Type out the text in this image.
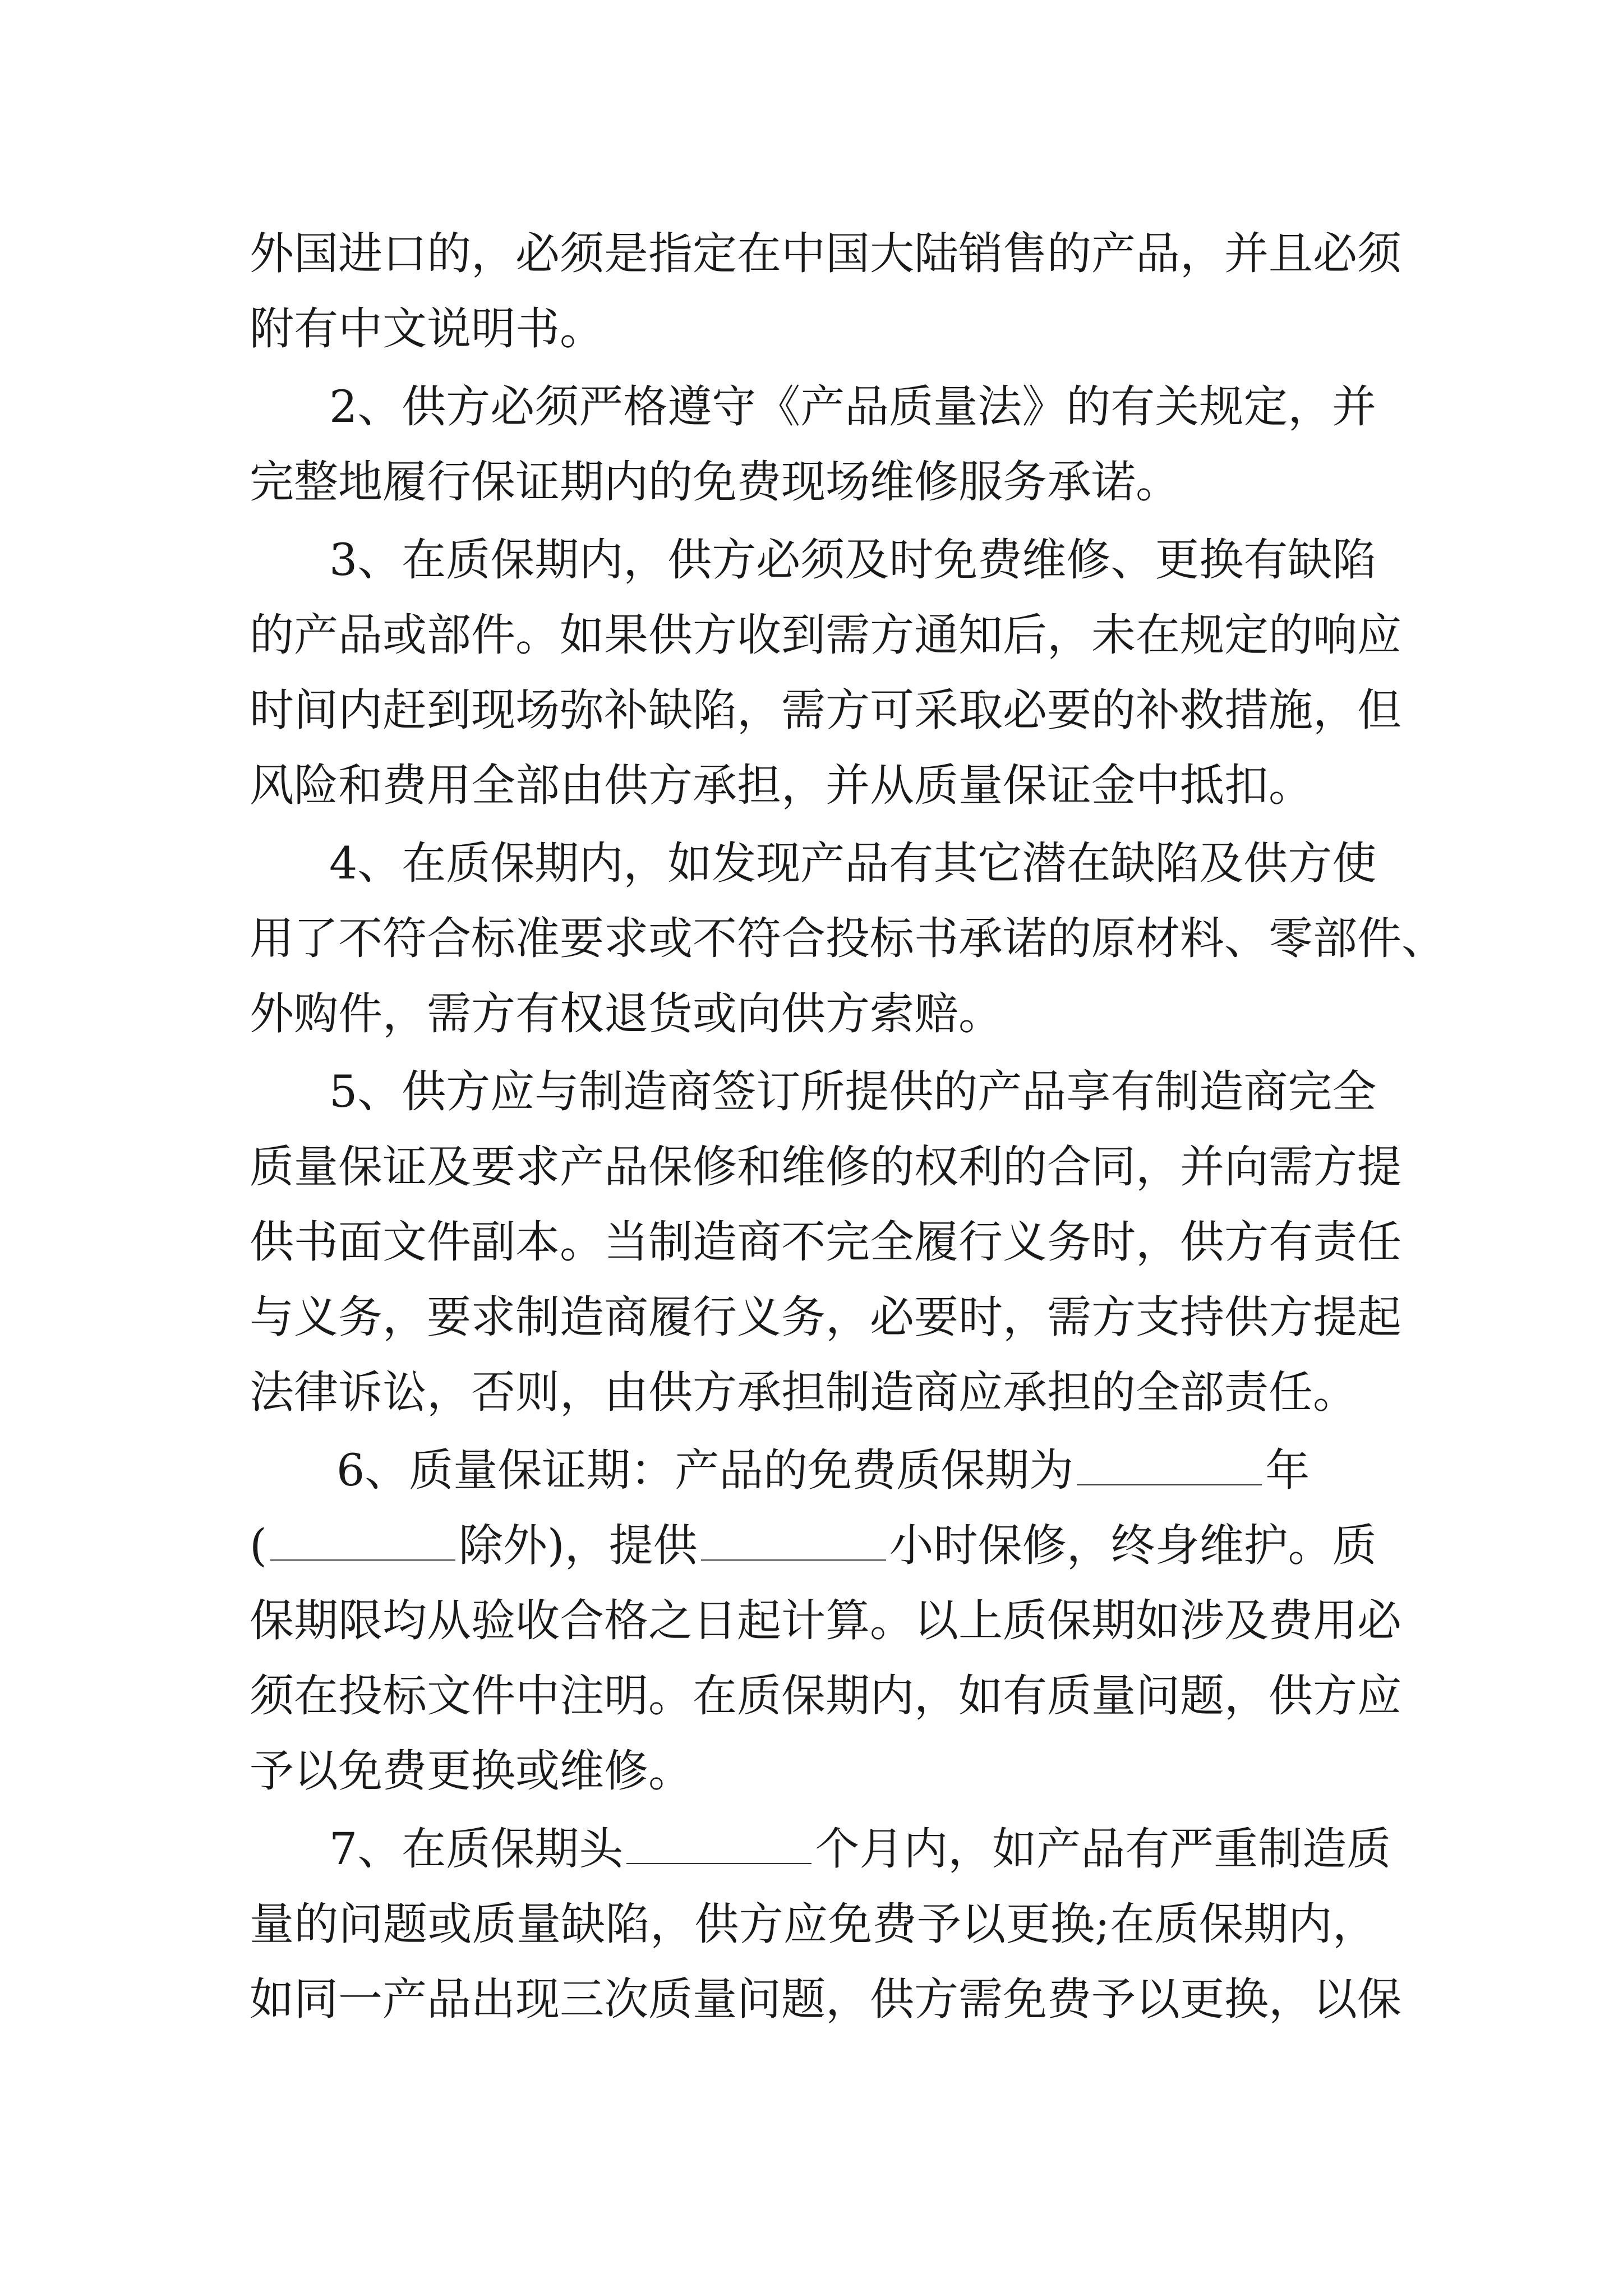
外 国 进 口 的 ， 必 须 是 指 定 在 中 国 大 陆 销 售 的 产 品 ， 并 且 必 须
附有中文说明书。
2、供方必须严格遵守《产品质量法》的有关规定，并
完整地履行保证期内的免费现场维修服务承诺。
3、在质保期内，供方必须及时免费维修、更换有缺陷
的 产 品 或 部 件 。 如 果 供 方 收 到 需 方 通 知 后 ， 未 在 规 定 的 响 应
时 间 内 赶 到 现 场 弥 补 缺 陷 ， 需 方 可 采 取 必 要 的 补 救 措 施 ， 但
风险和费用全部由供方承担，并从质量保证金中抵扣。
4、在质保期内，如发现产品有其它潜在缺陷及供方使
用 了 不 符 合 标 准 要 求 或 不 符 合 投 标 书 承 诺 的 原 材 料 、 零 部 件 、
外购件，需方有权退货或向供方索赔。
5、供方应与制造商签订所提供的产品享有制造商完全
质 量 保 证 及 要 求 产 品 保 修 和 维 修 的 权 利 的 合 同 ， 并 向 需 方 提
供 书 面 文 件 副 本 。 当 制 造 商 不 完 全 履 行 义 务 时 ， 供 方 有 责 任
与 义 务 ， 要 求 制 造 商 履 行 义 务 ， 必 要 时 ， 需 方 支 持 供 方 提 起
法律诉讼，否则，由供方承担制造商应承担的全部责任。
6、质量保证期：产品的免费质保期为	年
(	除外)，提供	小时保修，终身维护。质
保 期 限 均 从 验 收 合 格 之 日 起 计 算 。 以 上 质 保 期 如 涉 及 费 用 必
须 在 投 标 文 件 中 注 明 。 在 质 保 期 内 ， 如 有 质 量 问 题 ， 供 方 应
予以免费更换或维修。
7、在质保期头	个月内，如产品有严重制造质
量 的 问 题 或 质 量 缺 陷 ， 供 方 应 免 费 予 以 更 换 ; 在 质 保 期 内 ，
如 同 一 产 品 出 现 三 次 质 量 问 题 ， 供 方 需 免 费 予 以 更 换 ， 以 保
